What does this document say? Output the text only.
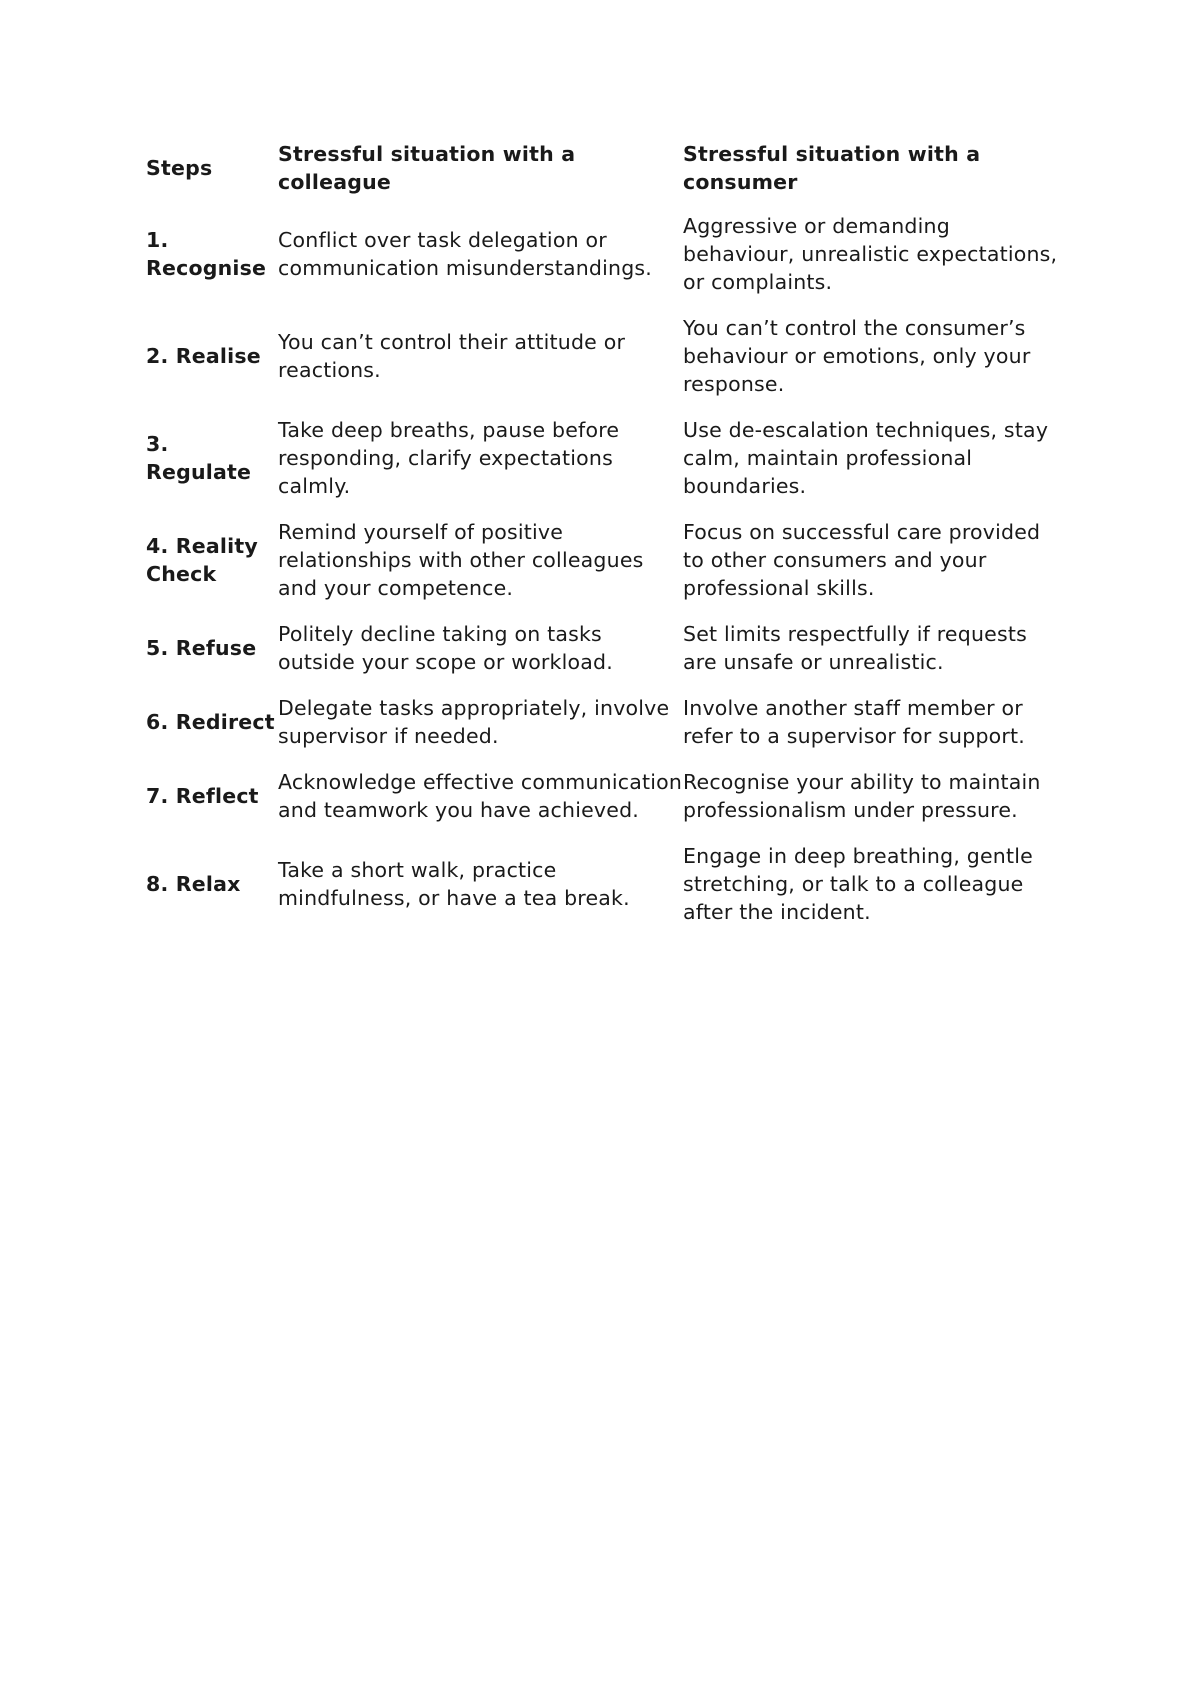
Steps	Stressful situation with a colleague	Stressful situation with a consumer
1. Recognise	Conflict over task delegation or communication misunderstandings.	Aggressive or demanding behaviour, unrealistic expectations, or complaints.
2. Realise	You can’t control their attitude or reactions.	You can’t control the consumer’s behaviour or emotions, only your response.
3. Regulate	Take deep breaths, pause before responding, clarify expectations calmly.	Use de-escalation techniques, stay calm, maintain professional boundaries.
4. Reality Check	Remind yourself of positive relationships with other colleagues and your competence.	Focus on successful care provided to other consumers and your professional skills.
5. Refuse	Politely decline taking on tasks outside your scope or workload.	Set limits respectfully if requests are unsafe or unrealistic.
6. Redirect	Delegate tasks appropriately, involve supervisor if needed.	Involve another staff member or refer to a supervisor for support.
7. Reflect	Acknowledge effective communication and teamwork you have achieved.	Recognise your ability to maintain professionalism under pressure.
8. Relax	Take a short walk, practice mindfulness, or have a tea break.	Engage in deep breathing, gentle stretching, or talk to a colleague after the incident.
